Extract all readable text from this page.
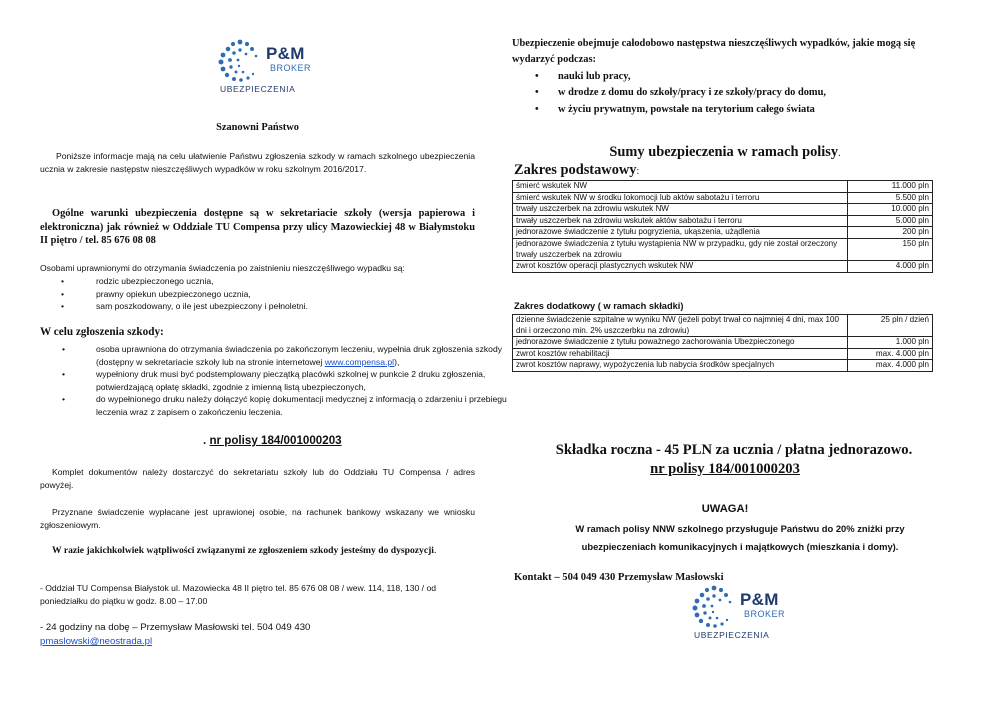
P&M
BROKER
UBEZPIECZENIA
Szanowni Państwo

Poniższe informacje mają na celu ułatwienie Państwu zgłoszenia szkody w ramach szkolnego ubezpieczenia ucznia w zakresie następstw nieszczęśliwych wypadków w roku szkolnym 2016/2017.

Ogólne warunki ubezpieczenia dostępne są w sekretariacie szkoły (wersja papierowa i elektroniczna) jak również w Oddziale TU Compensa przy ulicy Mazowieckiej 48 w Białymstoku II piętro / tel. 85 676 08 08

Osobami uprawnionymi do otrzymania świadczenia po zaistnieniu nieszczęśliwego wypadku są:

• rodzic ubezpieczonego ucznia,
• prawny opiekun ubezpieczonego ucznia,
• sam poszkodowany, o ile jest ubezpieczony i pełnoletni.
W celu zgłoszenia szkody:
• osoba uprawniona do otrzymania świadczenia po zakończonym leczeniu, wypełnia druk zgłoszenia szkody (dostępny w sekretariacie szkoły lub na stronie internetowej www.compensa.pl),
• wypełniony druk musi być podstemplowany pieczątką placówki szkolnej w punkcie 2 druku zgłoszenia, potwierdzającą opłatę składki, zgodnie z imienną listą ubezpieczonych,
• do wypełnionego druku należy dołączyć kopię dokumentacji medycznej z informacją o zdarzeniu i przebiegu leczenia wraz z zapisem o zakończeniu leczenia.
. nr polisy 184/001000203

Komplet dokumentów należy dostarczyć do sekretariatu szkoły lub do Oddziału TU Compensa / adres powyżej.

Przyznane świadczenie wypłacane jest uprawionej osobie, na rachunek bankowy wskazany we wniosku zgłoszeniowym.

W razie jakichkolwiek wątpliwości związanymi ze zgłoszeniem szkody jesteśmy do dyspozycji.

- Oddział TU Compensa Białystok ul. Mazowiecka 48 II piętro tel. 85 676 08 08 / wew. 114, 118, 130 / od poniedziałku do piątku w godz. 8.00 – 17.00

- 24 godziny na dobę – Przemysław Masłowski tel. 504 049 430

pmaslowski@neostrada.pl

Ubezpieczenie obejmuje całodobowo następstwa nieszczęśliwych wypadków, jakie mogą się wydarzyć podczas:

• nauki lub pracy,
• w drodze z domu do szkoły/pracy i ze szkoły/pracy do domu,
• w życiu prywatnym, powstałe na terytorium całego świata
Sumy ubezpieczenia w ramach polisy.
Zakres podstawowy:
śmierć wskutek NW	11.000 pln
śmierć wskutek NW w środku lokomocji lub aktów sabotażu i terroru	5.500 pln
trwały uszczerbek na zdrowiu wskutek NW	10.000 pln
trwały uszczerbek na zdrowiu wskutek aktów sabotażu i terroru	5.000 pln
jednorazowe świadczenie z tytułu pogryzienia, ukąszenia, użądlenia	200 pln
jednorazowe świadczenia z tytułu wystąpienia NW w przypadku, gdy nie został orzeczony trwały uszczerbek na zdrowiu	150 pln
zwrot kosztów operacji plastycznych wskutek NW	4.000 pln
Zakres dodatkowy ( w ramach składki)
dzienne świadczenie szpitalne w wyniku NW (jeżeli pobyt trwał co najmniej 4 dni, max 100 dni i orzeczono min. 2% uszczerbku na zdrowiu)	25 pln / dzień
jednorazowe świadczenie z tytułu poważnego zachorowania Ubezpieczonego	1.000 pln
zwrot kosztów rehabilitacji	max. 4.000 pln
zwrot kosztów naprawy, wypożyczenia lub nabycia środków specjalnych	max. 4.000 pln
Składka roczna - 45 PLN za ucznia / płatna jednorazowo.
nr polisy 184/001000203
UWAGA!

W ramach polisy NNW szkolnego przysługuje Państwu do 20% zniżki przy ubezpieczeniach komunikacyjnych i majątkowych (mieszkania i domy).

Kontakt – 504 049 430 Przemysław Masłowski
P&M
BROKER
UBEZPIECZENIA
